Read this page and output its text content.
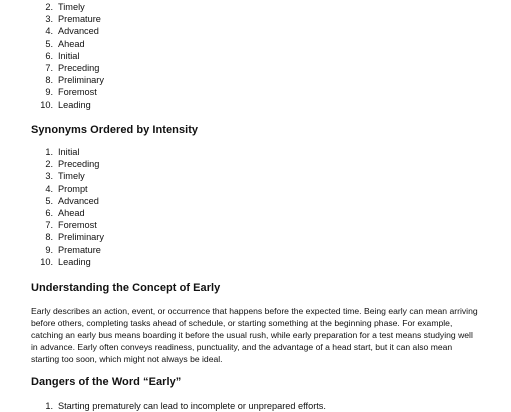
2. Timely
3. Premature
4. Advanced
5. Ahead
6. Initial
7. Preceding
8. Preliminary
9. Foremost
10. Leading
Synonyms Ordered by Intensity
1. Initial
2. Preceding
3. Timely
4. Prompt
5. Advanced
6. Ahead
7. Foremost
8. Preliminary
9. Premature
10. Leading
Understanding the Concept of Early

Early describes an action, event, or occurrence that happens before the expected time. Being early can mean arriving before others, completing tasks ahead of schedule, or starting something at the beginning phase. For example, catching an early bus means boarding it before the usual rush, while early preparation for a test means studying well in advance. Early often conveys readiness, punctuality, and the advantage of a head start, but it can also mean starting too soon, which might not always be ideal.

Dangers of the Word “Early”
1. Starting prematurely can lead to incomplete or unprepared efforts.
